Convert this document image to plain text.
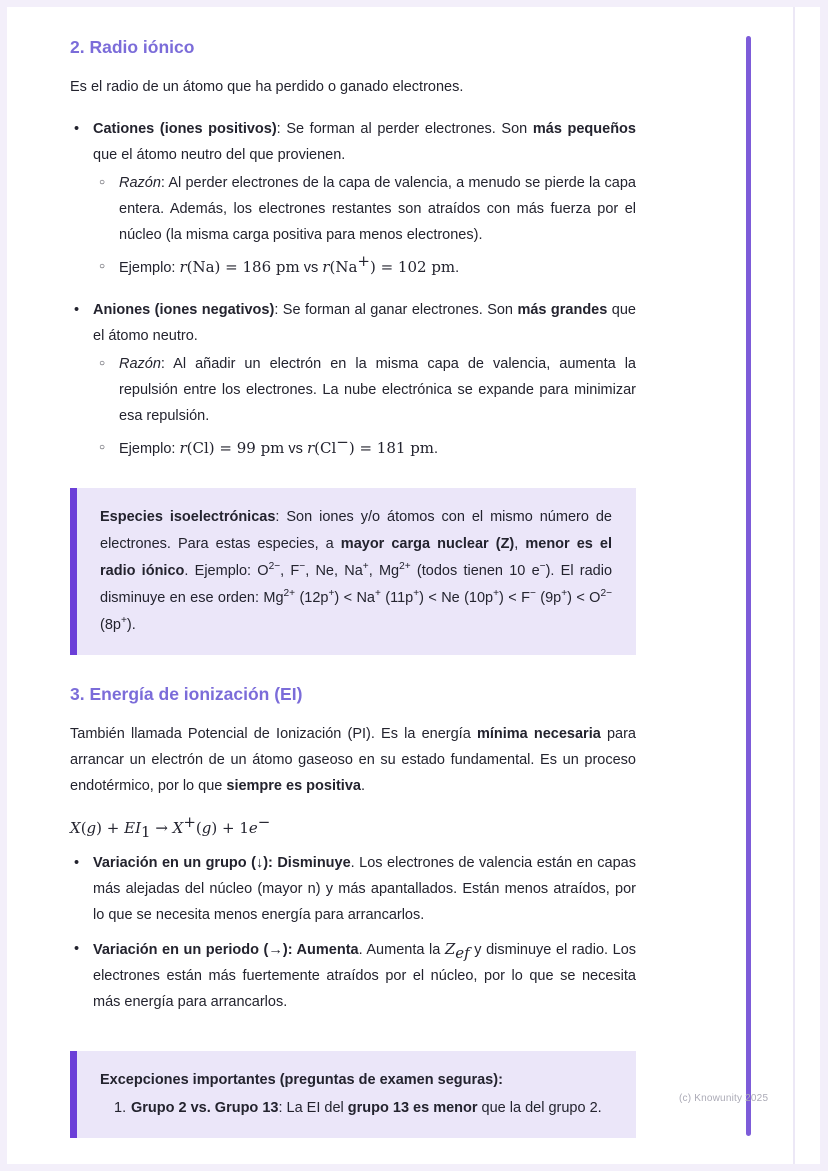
2. Radio iónico

Es el radio de un átomo que ha perdido o ganado electrones.

• Cationes (iones positivos): Se forman al perder electrones. Son más pequeños que el átomo neutro del que provienen.
○ Razón: Al perder electrones de la capa de valencia, a menudo se pierde la capa entera. Además, los electrones restantes son atraídos con más fuerza por el núcleo (la misma carga positiva para menos electrones).
○ Ejemplo: r(Na) = 186 pm vs r(Na+) = 102 pm.
• Aniones (iones negativos): Se forman al ganar electrones. Son más grandes que el átomo neutro.
○ Razón: Al añadir un electrón en la misma capa de valencia, aumenta la repulsión entre los electrones. La nube electrónica se expande para minimizar esa repulsión.
○ Ejemplo: r(Cl) = 99 pm vs r(Cl−) = 181 pm.
Especies isoelectrónicas: Son iones y/o átomos con el mismo número de electrones. Para estas especies, a mayor carga nuclear (Z), menor es el radio iónico. Ejemplo: $O^{2-}$, F−, Ne, Na+, $Mg^{2+}$ (todos tienen 10 e−). El radio disminuye en ese orden: $Mg^{2+}$ (12p+) < Na+ (11p+) < Ne (10p+) < F− $(9p^+) < O^{2-}$ (8p+).
3. Energía de ionización (EI)

También llamada Potencial de Ionización (PI). Es la energía mínima necesaria para arrancar un electrón de un átomo gaseoso en su estado fundamental. Es un proceso endotérmico, por lo que siempre es positiva.

$X(g) + EI_1 \to X^+(g) + 1e^-$
• Variación en un grupo (↓): Disminuye. Los electrones de valencia están en capas más alejadas del núcleo (mayor n) y más apantallados. Están menos atraídos, por lo que se necesita menos energía para arrancarlos.
• Variación en un periodo (→): Aumenta. Aumenta la $Z_{ef}$ y disminuye el radio. Los electrones están más fuertemente atraídos por el núcleo, por lo que se necesita más energía para arrancarlos.
Excepciones importantes (preguntas de examen seguras):
1. Grupo 2 vs. Grupo 13: La EI del grupo 13 es menor que la del grupo 2.
(c) Knowunity 2025
